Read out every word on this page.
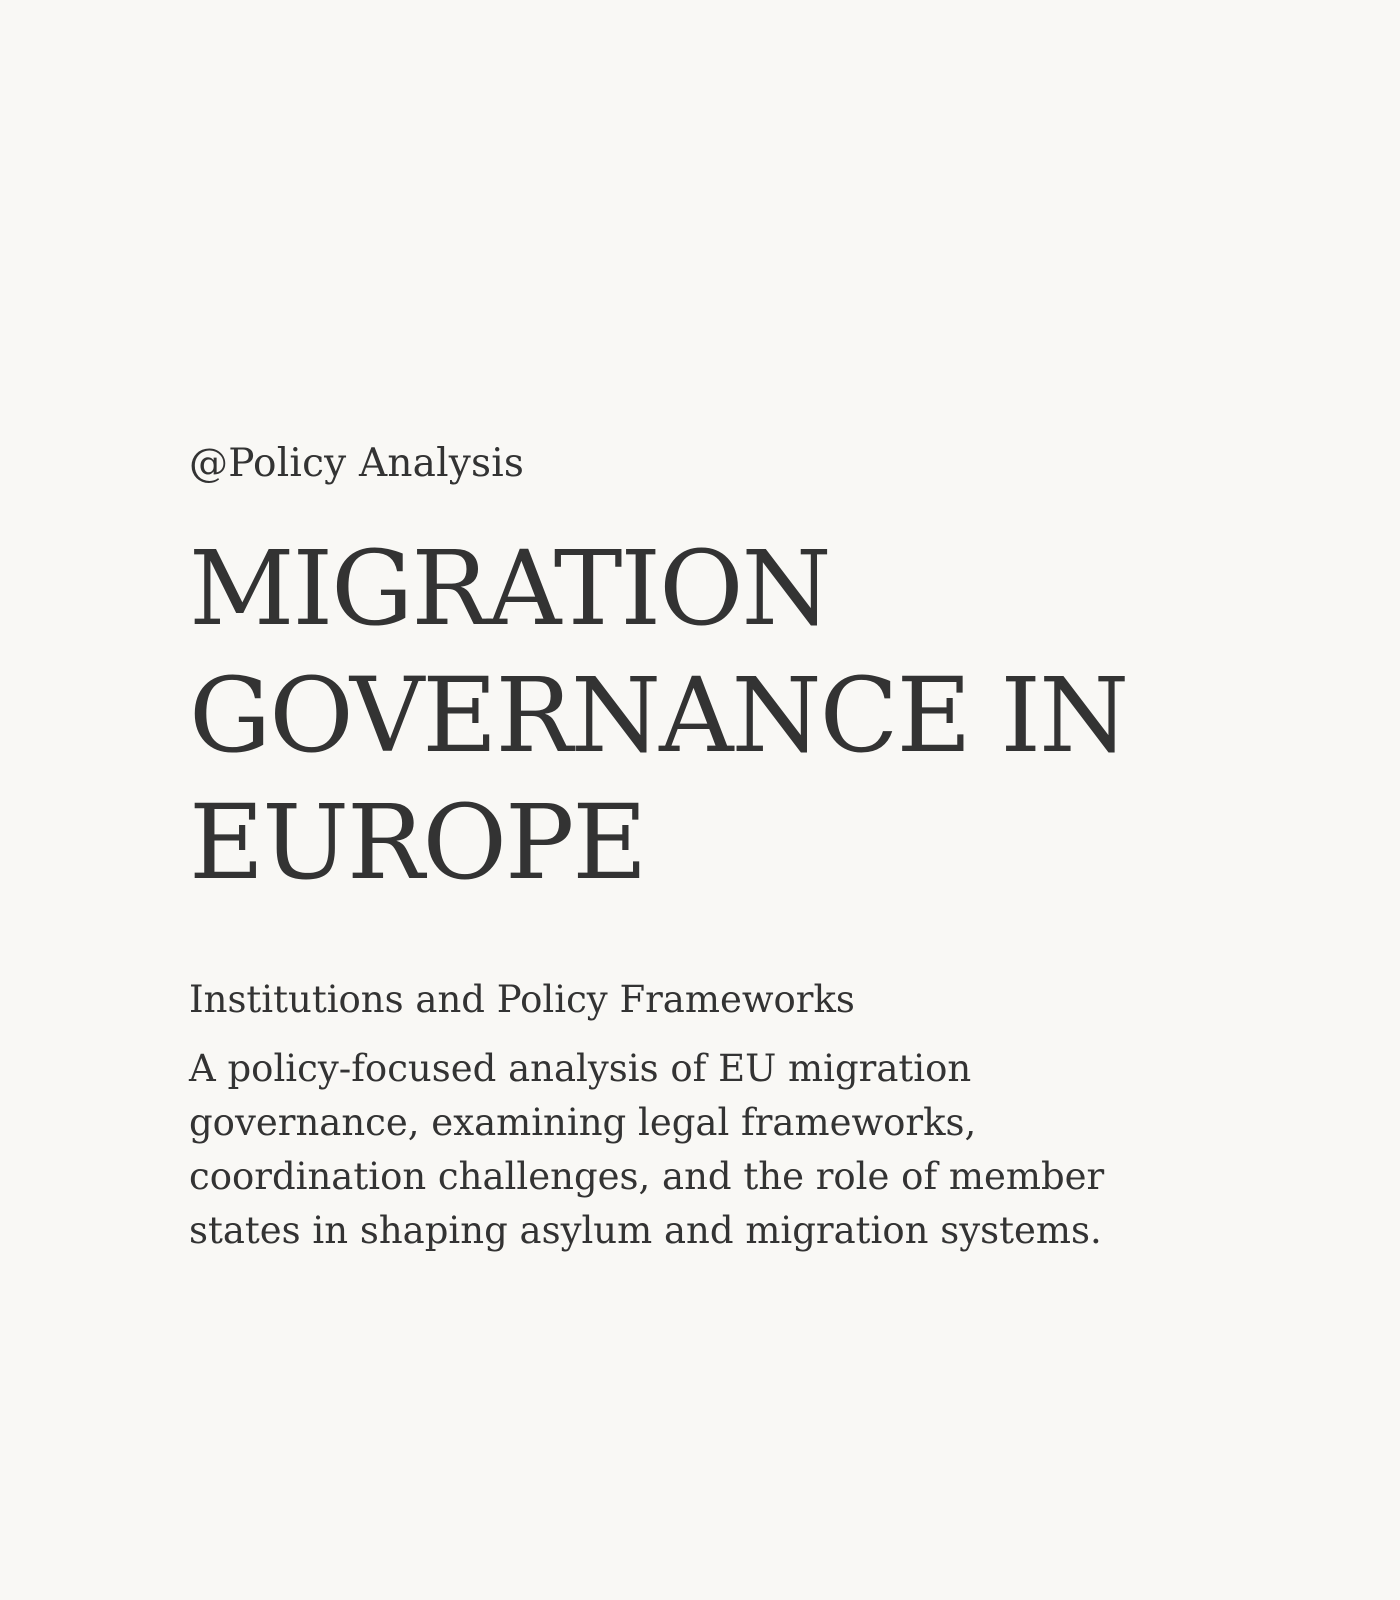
@Policy Analysis

MIGRATION
GOVERNANCE IN
EUROPE
Institutions and Policy Frameworks

A policy-focused analysis of EU migration governance, examining legal frameworks, coordination challenges, and the role of member states in shaping asylum and migration systems.
